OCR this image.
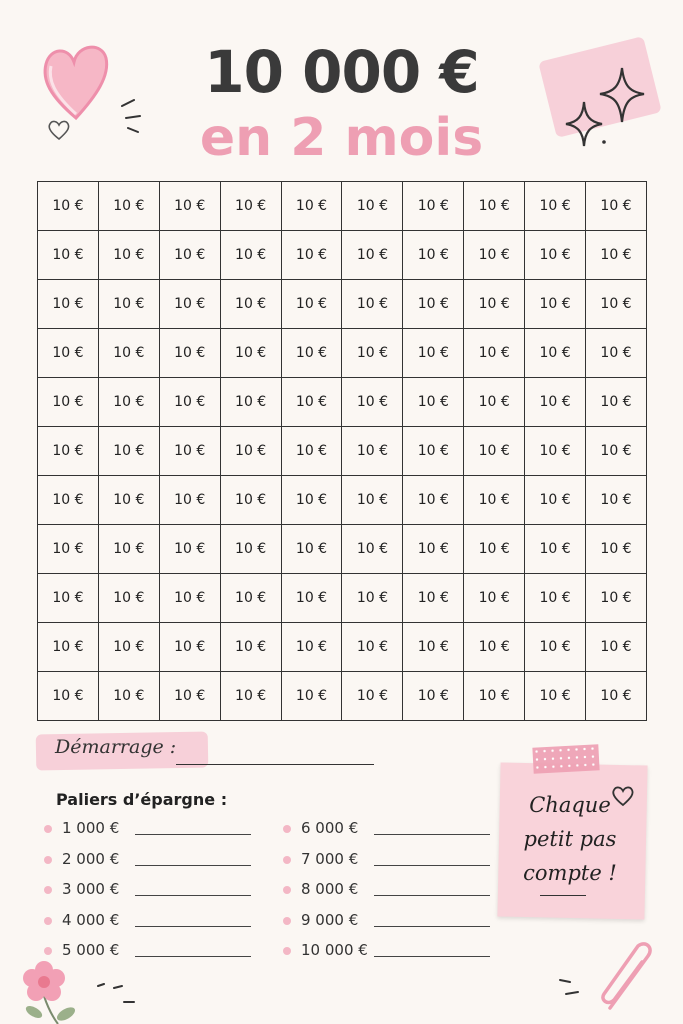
10 000 €
en 2 mois
10 €	10 €	10 €	10 €	10 €	10 €	10 €	10 €	10 €	10 €
10 €	10 €	10 €	10 €	10 €	10 €	10 €	10 €	10 €	10 €
10 €	10 €	10 €	10 €	10 €	10 €	10 €	10 €	10 €	10 €
10 €	10 €	10 €	10 €	10 €	10 €	10 €	10 €	10 €	10 €
10 €	10 €	10 €	10 €	10 €	10 €	10 €	10 €	10 €	10 €
10 €	10 €	10 €	10 €	10 €	10 €	10 €	10 €	10 €	10 €
10 €	10 €	10 €	10 €	10 €	10 €	10 €	10 €	10 €	10 €
10 €	10 €	10 €	10 €	10 €	10 €	10 €	10 €	10 €	10 €
10 €	10 €	10 €	10 €	10 €	10 €	10 €	10 €	10 €	10 €
10 €	10 €	10 €	10 €	10 €	10 €	10 €	10 €	10 €	10 €
10 €	10 €	10 €	10 €	10 €	10 €	10 €	10 €	10 €	10 €
Démarrage :
Paliers d’épargne :
1 000 €
2 000 €
3 000 €
4 000 €
5 000 €
6 000 €
7 000 €
8 000 €
9 000 €
10 000 €
Chaque
petit pas
compte !
